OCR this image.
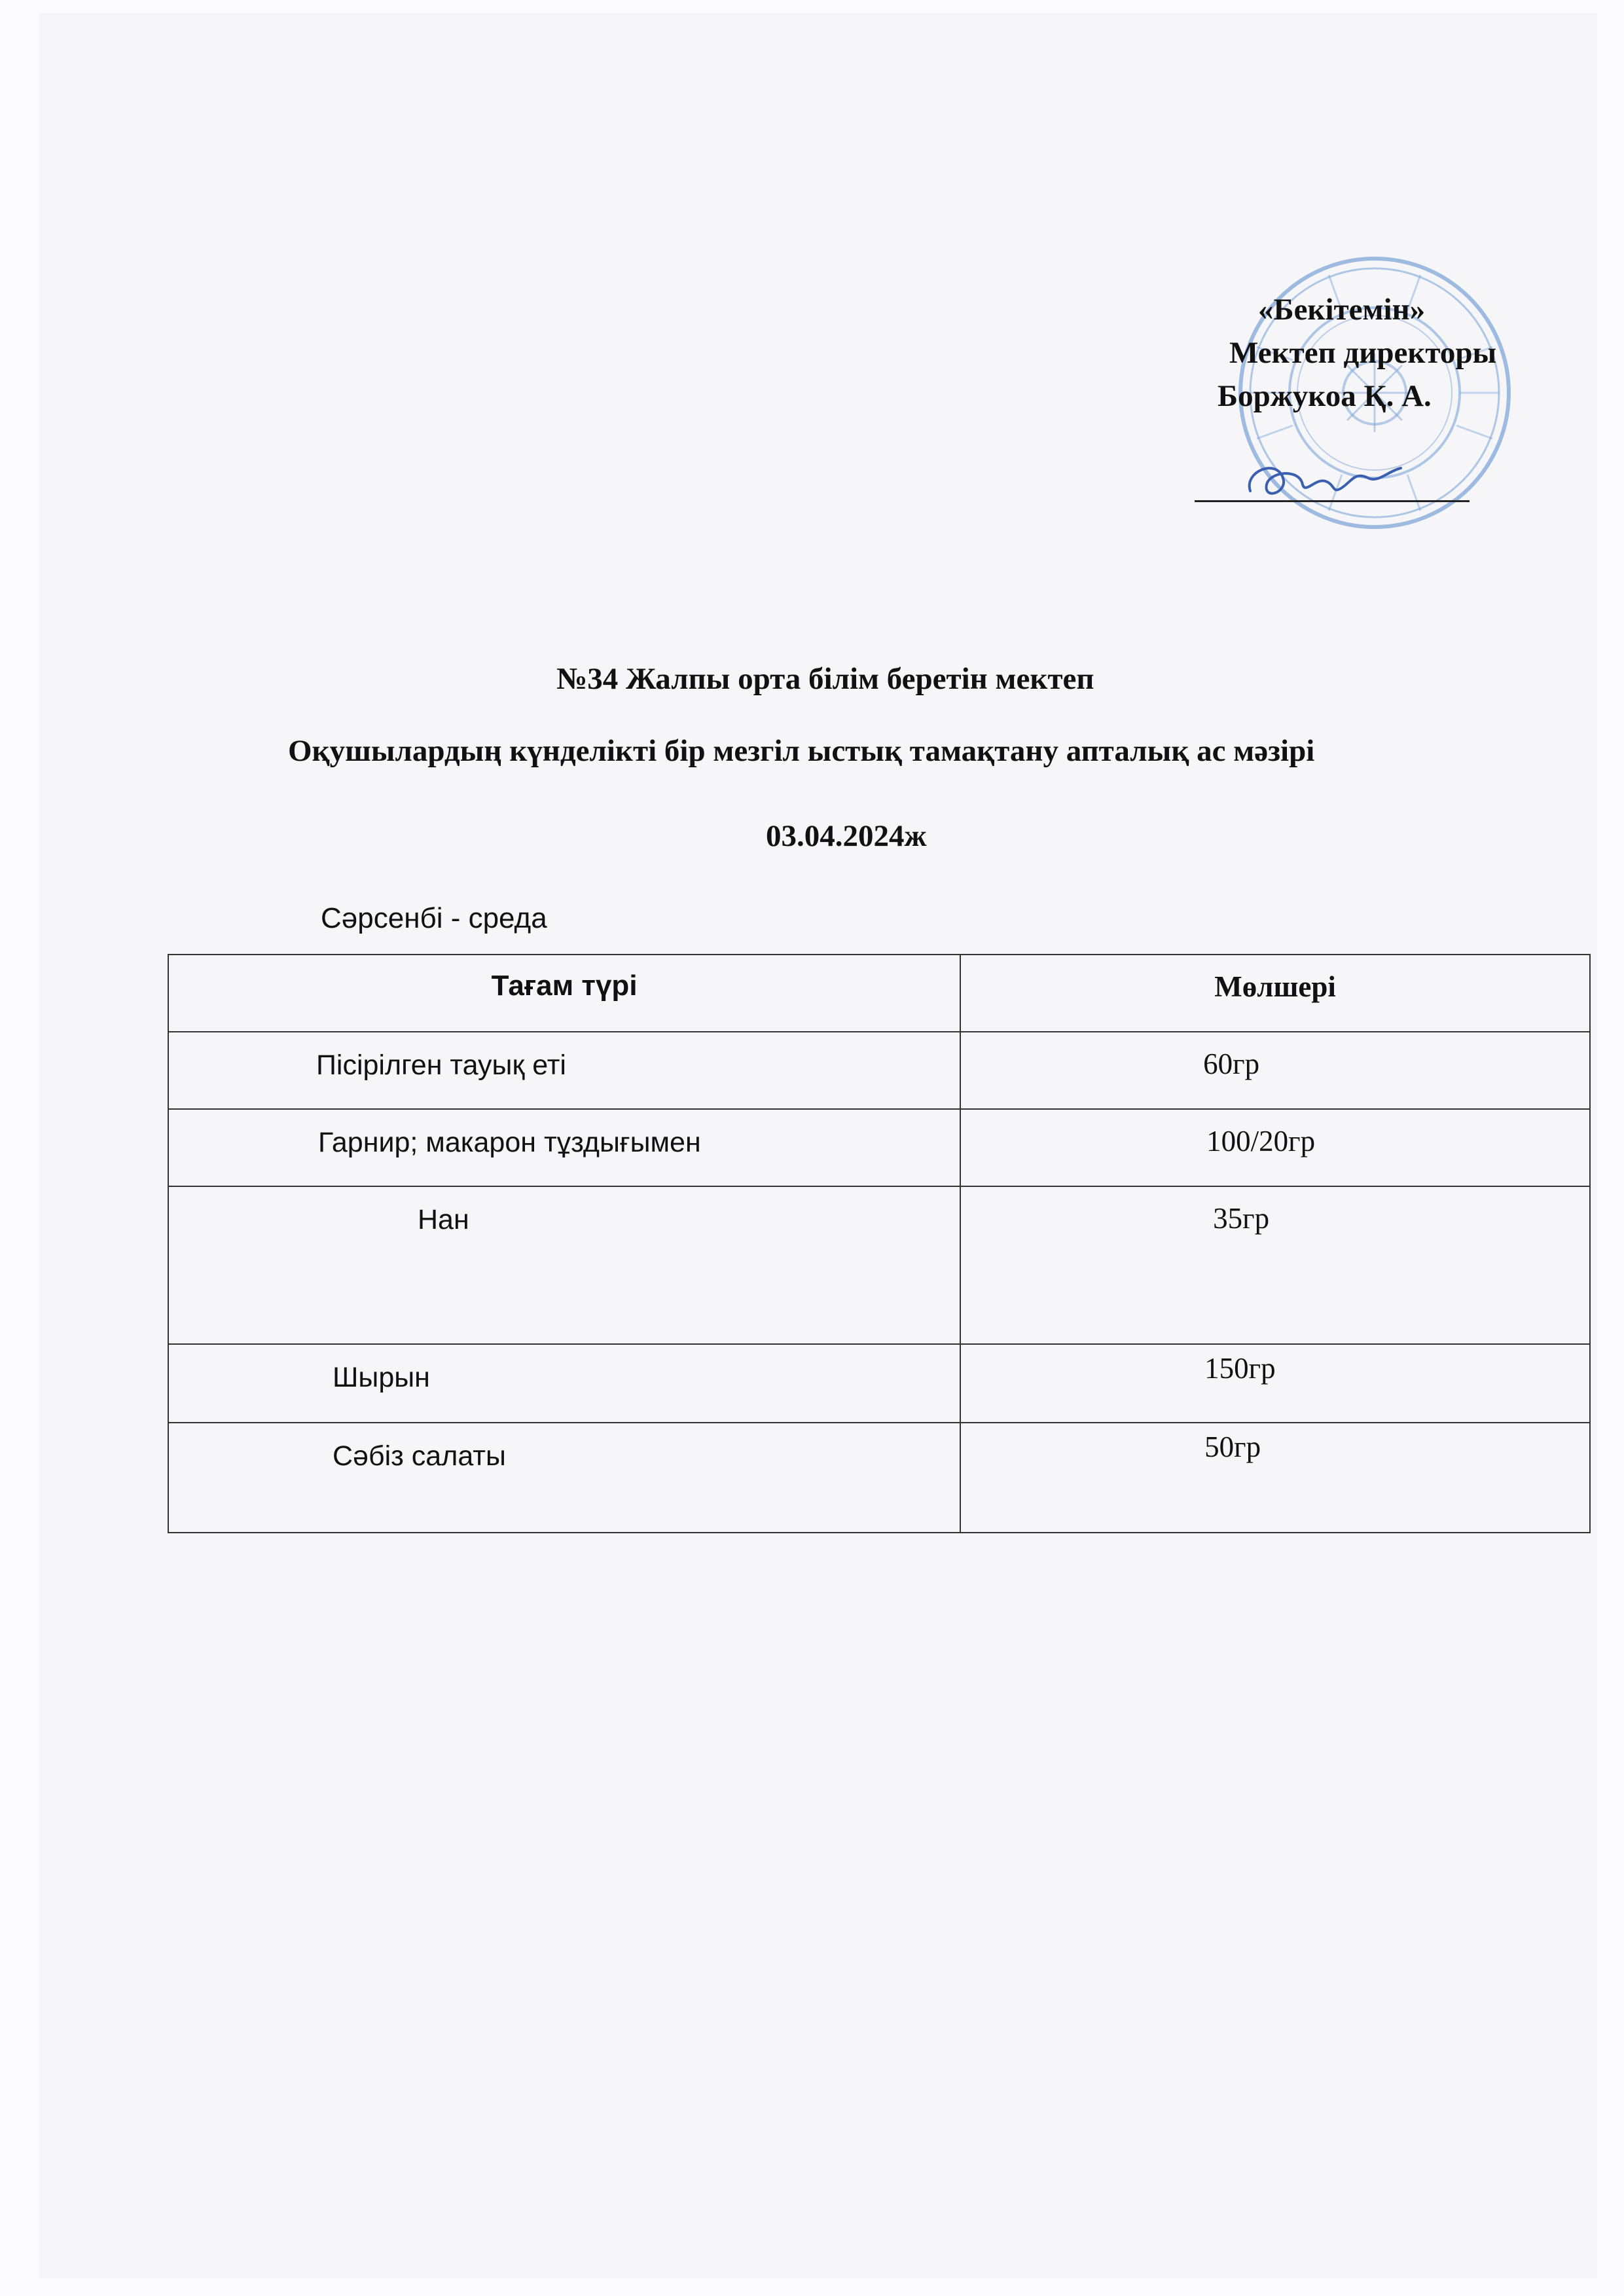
«Бекітемін»
Мектеп директоры
Боржукоа Қ. А.
№34 Жалпы орта білім беретін мектеп
Оқушылардың күнделікті бір мезгіл ыстық тамақтану апталық ас мәзірі
03.04.2024ж
Сәрсенбі - среда
Тағам түрі	Мөлшері

Пісірілген тауық еті	60гр

Гарнир; макарон тұздығымен	100/20гр

Нан	35гр

Шырын	150гр

Сәбіз салаты	50гр
